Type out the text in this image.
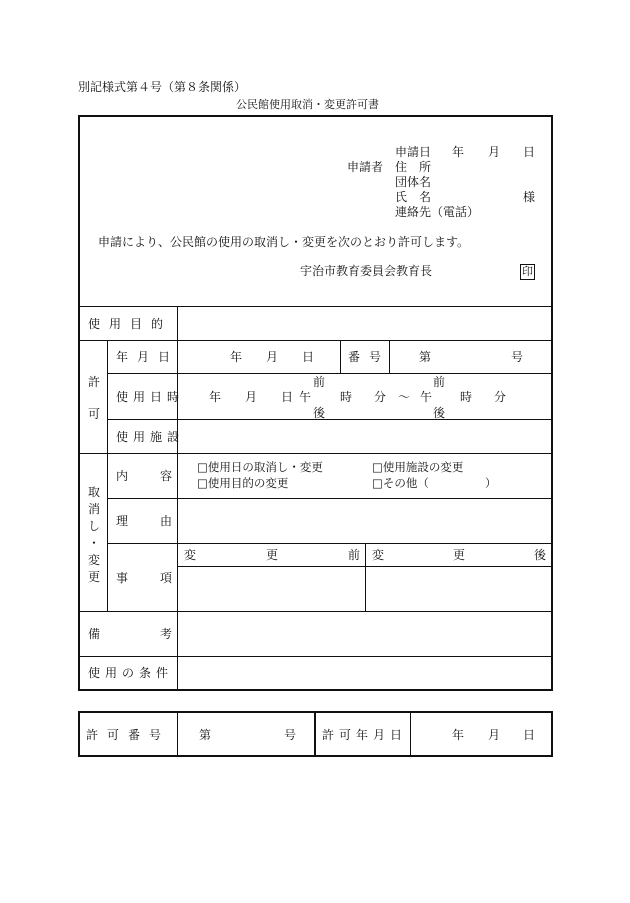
別記様式第４号（第８条関係）
公民館使用取消・変更許可書
申請日 年 月 日
申請者 住　所
団体名
氏　名	様
連絡先（電話）
申請により、公民館の使用の取消し・変更を次のとおり許可します。
宇治市教育委員会教育長	印
使用目的
許
可
年月日	年 月 日	番号 第	号
使用日時
前	前
年 月 日 午 時 分 ～ 午 時 分
後	後
使用施設
取
消
し
・
変
更
内	容
□使用日の取消し・変更	□使用施設の変更
□使用目的の変更	□その他（	）
理	由
事	項
変	更	前 変	更	後
備	考
使用の条件
許可番号 第	号 許可年月日	年 月 日
